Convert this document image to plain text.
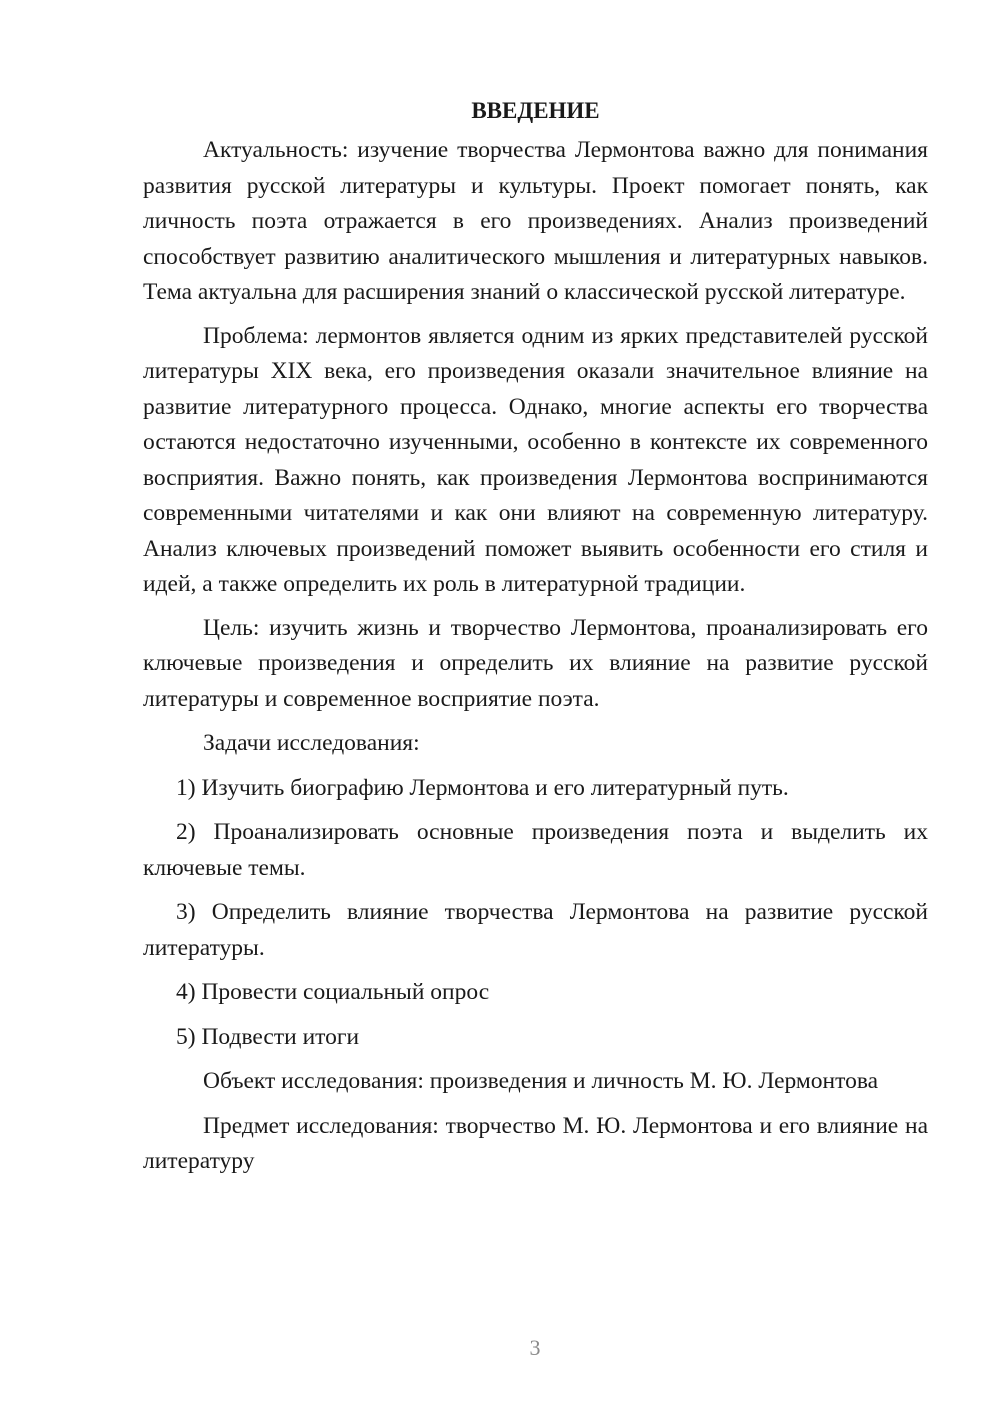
ВВЕДЕНИЕ

Актуальность: изучение творчества Лермонтова важно для понимания развития русской литературы и культуры. Проект помогает понять, как личность поэта отражается в его произведениях. Анализ произведений способствует развитию аналитического мышления и литературных навыков. Тема актуальна для расширения знаний о классической русской литературе.

Проблема: лермонтов является одним из ярких представителей русской литературы XIX века, его произведения оказали значительное влияние на развитие литературного процесса. Однако, многие аспекты его творчества остаются недостаточно изученными, особенно в контексте их современного восприятия. Важно понять, как произведения Лермонтова воспринимаются современными читателями и как они влияют на современную литературу. Анализ ключевых произведений поможет выявить особенности его стиля и идей, а также определить их роль в литературной традиции.

Цель: изучить жизнь и творчество Лермонтова, проанализировать его ключевые произведения и определить их влияние на развитие русской литературы и современное восприятие поэта.

Задачи исследования:

1) Изучить биографию Лермонтова и его литературный путь.

2) Проанализировать основные произведения поэта и выделить их ключевые темы.

3) Определить влияние творчества Лермонтова на развитие русской литературы.

4) Провести социальный опрос

5) Подвести итоги

Объект исследования: произведения и личность М. Ю. Лермонтова

Предмет исследования: творчество М. Ю. Лермонтова и его влияние на литературу

3
